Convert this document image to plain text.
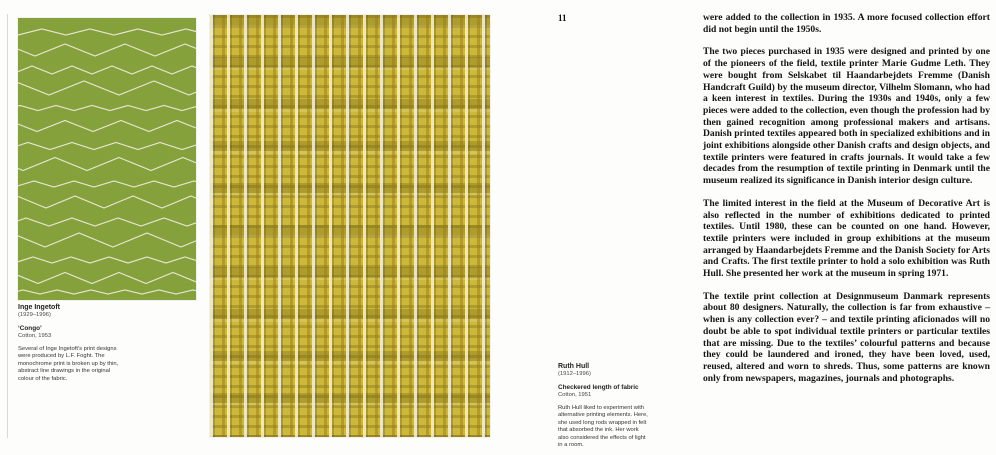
Inge Ingetoft
(1929–1996)
‘Congo’
Cotton, 1953
Several of Inge Ingetoft’s print designs were produced by L.F. Foght. The monochrome print is broken up by thin, abstract line drawings in the original colour of the fabric.
Ruth Hull
(1912–1996)
Checkered length of fabric
Cotton, 1951
Ruth Hull liked to experiment with alternative printing elements. Here, she used long rods wrapped in felt that absorbed the ink. Her work also considered the effects of light in a room.
11	were added to the collection in 1935. A more focused collection effort did not begin until the 1950s.

The two pieces purchased in 1935 were designed and printed by one of the pioneers of the field, textile printer Marie Gudme Leth. They were bought from Selskabet til Haandarbejdets Fremme (Danish Handcraft Guild) by the museum director, Vilhelm Slomann, who had a keen interest in textiles. During the 1930s and 1940s, only a few pieces were added to the collection, even though the profession had by then gained recognition among professional makers and artisans. Danish printed textiles appeared both in specialized exhibitions and in joint exhibitions alongside other Danish crafts and design objects, and textile printers were featured in crafts journals. It would take a few decades from the resumption of textile printing in Denmark until the museum realized its significance in Danish interior design culture.

The limited interest in the field at the Museum of Decorative Art is also reflected in the number of exhibitions dedicated to printed textiles. Until 1980, these can be counted on one hand. However, textile printers were included in group exhibitions at the museum arranged by Haandarbejdets Fremme and the Danish Society for Arts and Crafts. The first textile printer to hold a solo exhibition was Ruth Hull. She presented her work at the museum in spring 1971.

The textile print collection at Designmuseum Danmark represents about 80 designers. Naturally, the collection is far from exhaustive – when is any collection ever? – and textile printing aficionados will no doubt be able to spot individual textile printers or particular textiles that are missing. Due to the textiles’ colourful patterns and because they could be laundered and ironed, they have been loved, used, reused, altered and worn to shreds. Thus, some patterns are known only from newspapers, magazines, journals and photographs.
